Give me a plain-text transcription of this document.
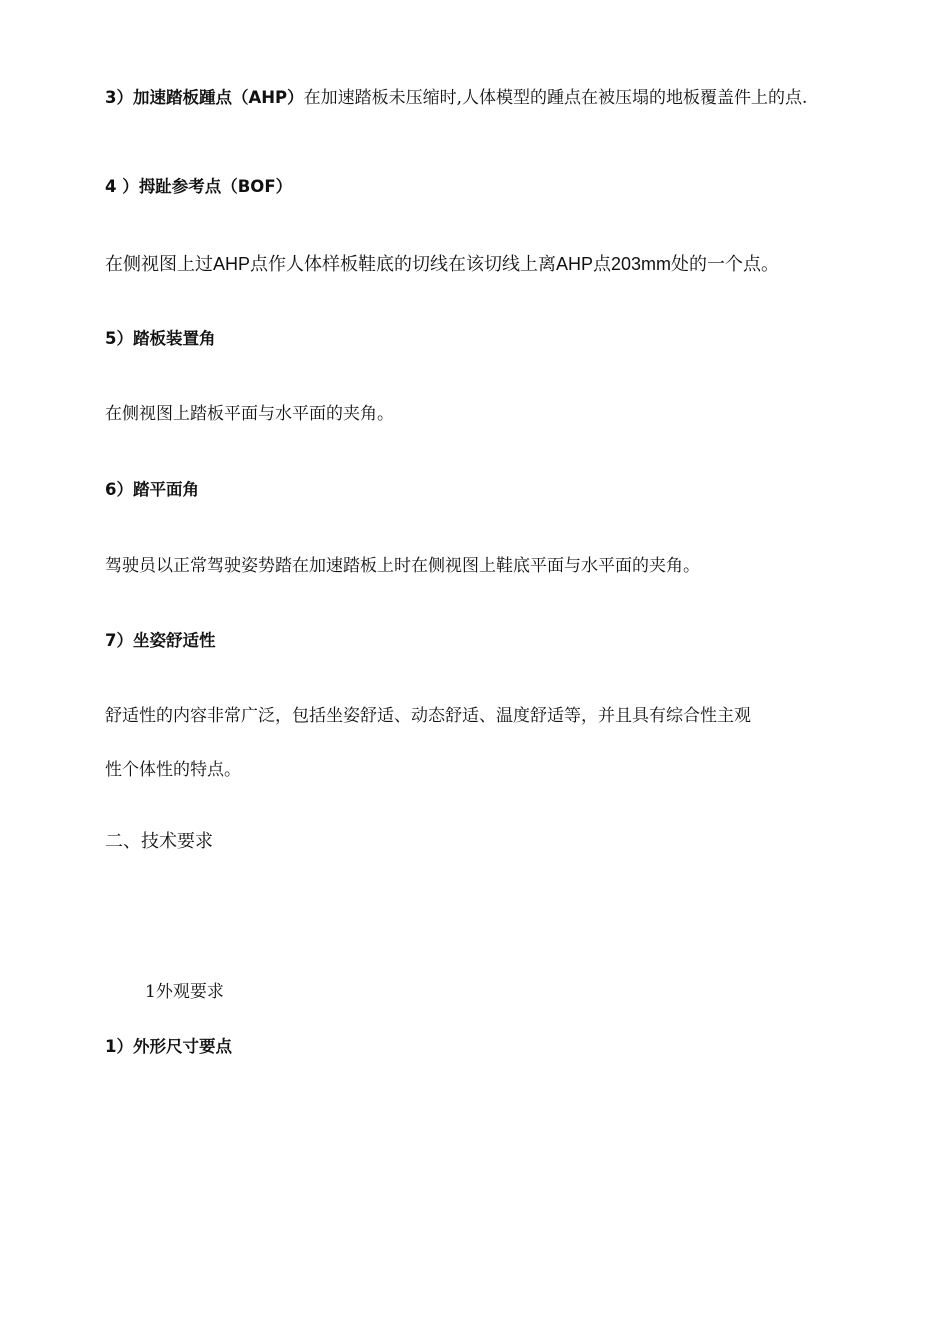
3）加速踏板踵点（AHP）在加速踏板未压缩时,人体模型的踵点在被压塌的地板覆盖件上的点.
4 ）拇趾参考点（BOF）
在侧视图上过AHP点作人体样板鞋底的切线在该切线上离AHP点203mm处的一个点。
5）踏板装置角
在侧视图上踏板平面与水平面的夹角。
6）踏平面角
驾驶员以正常驾驶姿势踏在加速踏板上时在侧视图上鞋底平面与水平面的夹角。
7）坐姿舒适性
舒适性的内容非常广泛，包括坐姿舒适、动态舒适、温度舒适等，并且具有综合性主观
性个体性的特点。
二、技术要求
1外观要求
1）外形尺寸要点
